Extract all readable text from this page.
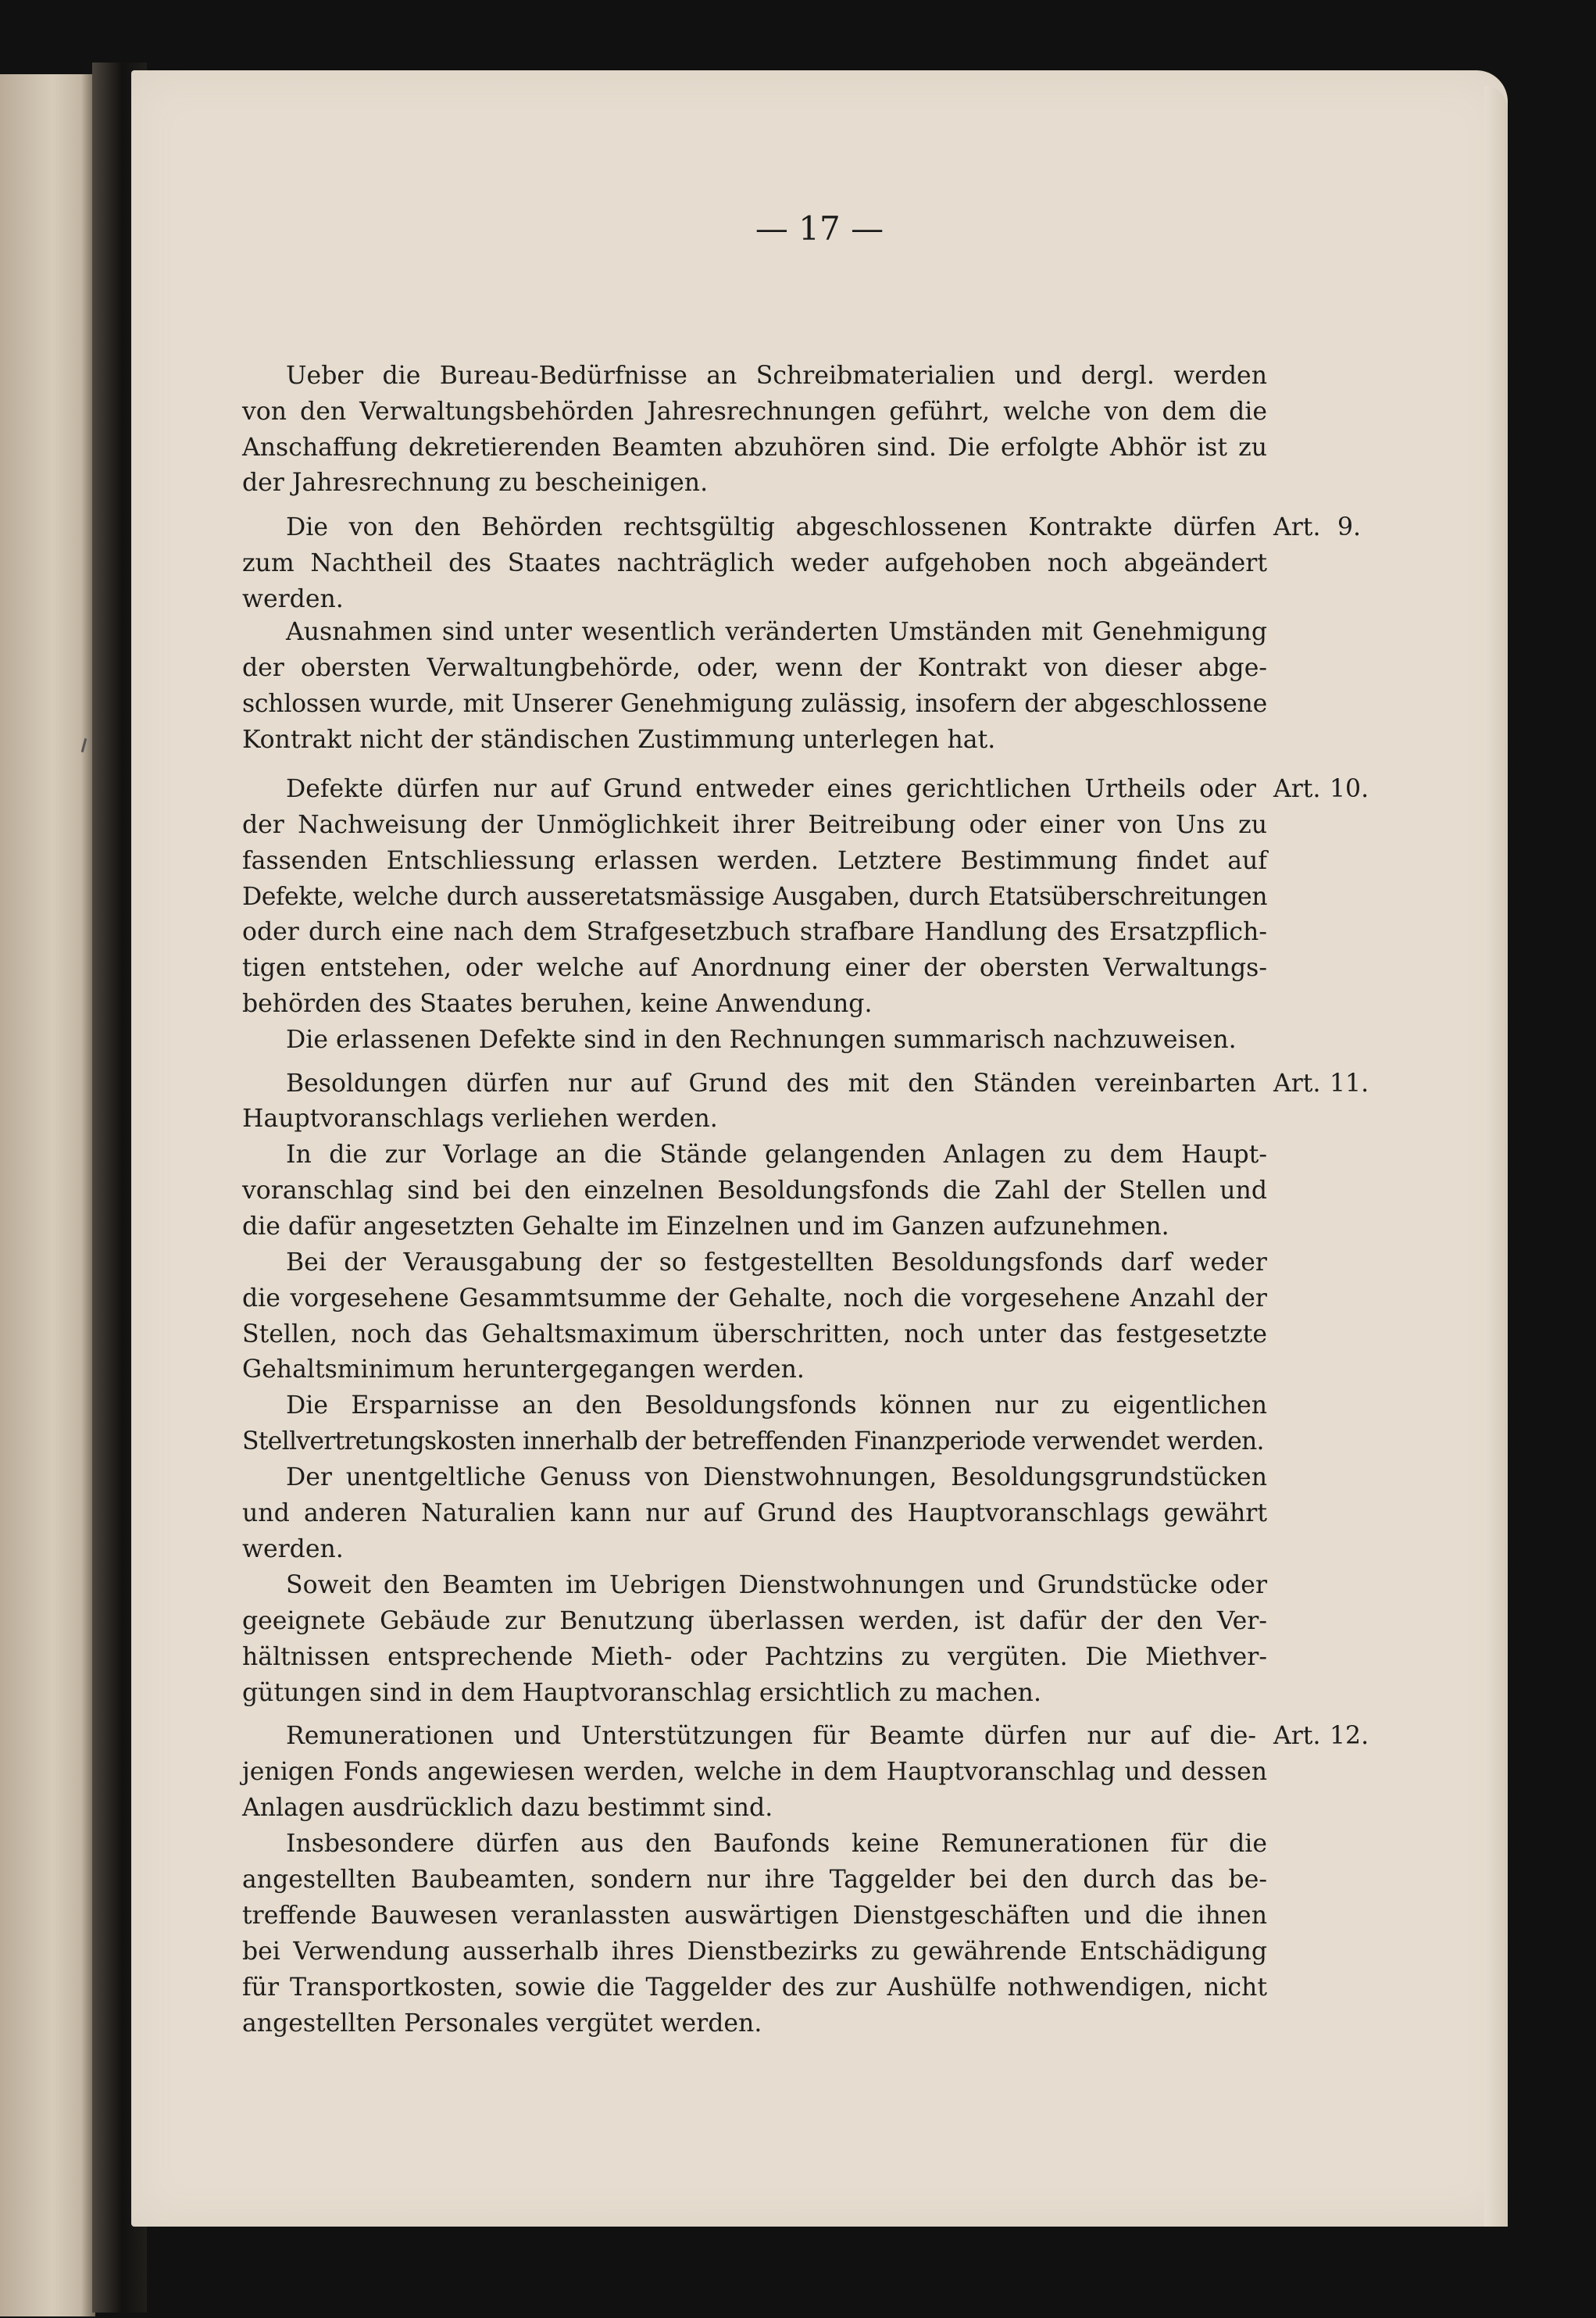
— 17 —
Ueber die Bureau-Bedürfnisse an Schreibmaterialien und dergl. werden
von den Verwaltungsbehörden Jahresrechnungen geführt, welche von dem die
Anschaffung dekretierenden Beamten abzuhören sind. Die erfolgte Abhör ist zu
der Jahresrechnung zu bescheinigen.
Die von den Behörden rechtsgültig abgeschlossenen Kontrakte dürfen
zum Nachtheil des Staates nachträglich weder aufgehoben noch abgeändert
werden.
Ausnahmen sind unter wesentlich veränderten Umständen mit Genehmigung
der obersten Verwaltungbehörde, oder, wenn der Kontrakt von dieser abge-
schlossen wurde, mit Unserer Genehmigung zulässig, insofern der abgeschlossene
Kontrakt nicht der ständischen Zustimmung unterlegen hat.
Defekte dürfen nur auf Grund entweder eines gerichtlichen Urtheils oder
der Nachweisung der Unmöglichkeit ihrer Beitreibung oder einer von Uns zu
fassenden Entschliessung erlassen werden. Letztere Bestimmung findet auf
Defekte, welche durch ausseretatsmässige Ausgaben, durch Etatsüberschreitungen
oder durch eine nach dem Strafgesetzbuch strafbare Handlung des Ersatzpflich-
tigen entstehen, oder welche auf Anordnung einer der obersten Verwaltungs-
behörden des Staates beruhen, keine Anwendung.
Die erlassenen Defekte sind in den Rechnungen summarisch nachzuweisen.
Besoldungen dürfen nur auf Grund des mit den Ständen vereinbarten
Hauptvoranschlags verliehen werden.
In die zur Vorlage an die Stände gelangenden Anlagen zu dem Haupt-
voranschlag sind bei den einzelnen Besoldungsfonds die Zahl der Stellen und
die dafür angesetzten Gehalte im Einzelnen und im Ganzen aufzunehmen.
Bei der Verausgabung der so festgestellten Besoldungsfonds darf weder
die vorgesehene Gesammtsumme der Gehalte, noch die vorgesehene Anzahl der
Stellen, noch das Gehaltsmaximum überschritten, noch unter das festgesetzte
Gehaltsminimum heruntergegangen werden.
Die Ersparnisse an den Besoldungsfonds können nur zu eigentlichen
Stellvertretungskosten innerhalb der betreffenden Finanzperiode verwendet werden.
Der unentgeltliche Genuss von Dienstwohnungen, Besoldungsgrundstücken
und anderen Naturalien kann nur auf Grund des Hauptvoranschlags gewährt
werden.
Soweit den Beamten im Uebrigen Dienstwohnungen und Grundstücke oder
geeignete Gebäude zur Benutzung überlassen werden, ist dafür der den Ver-
hältnissen entsprechende Mieth- oder Pachtzins zu vergüten. Die Miethver-
gütungen sind in dem Hauptvoranschlag ersichtlich zu machen.
Remunerationen und Unterstützungen für Beamte dürfen nur auf die-
jenigen Fonds angewiesen werden, welche in dem Hauptvoranschlag und dessen
Anlagen ausdrücklich dazu bestimmt sind.
Insbesondere dürfen aus den Baufonds keine Remunerationen für die
angestellten Baubeamten, sondern nur ihre Taggelder bei den durch das be-
treffende Bauwesen veranlassten auswärtigen Dienstgeschäften und die ihnen
bei Verwendung ausserhalb ihres Dienstbezirks zu gewährende Entschädigung
für Transportkosten, sowie die Taggelder des zur Aushülfe nothwendigen, nicht
angestellten Personales vergütet werden.
Art. 9.
Art. 10.
Art. 11.
Art. 12.
